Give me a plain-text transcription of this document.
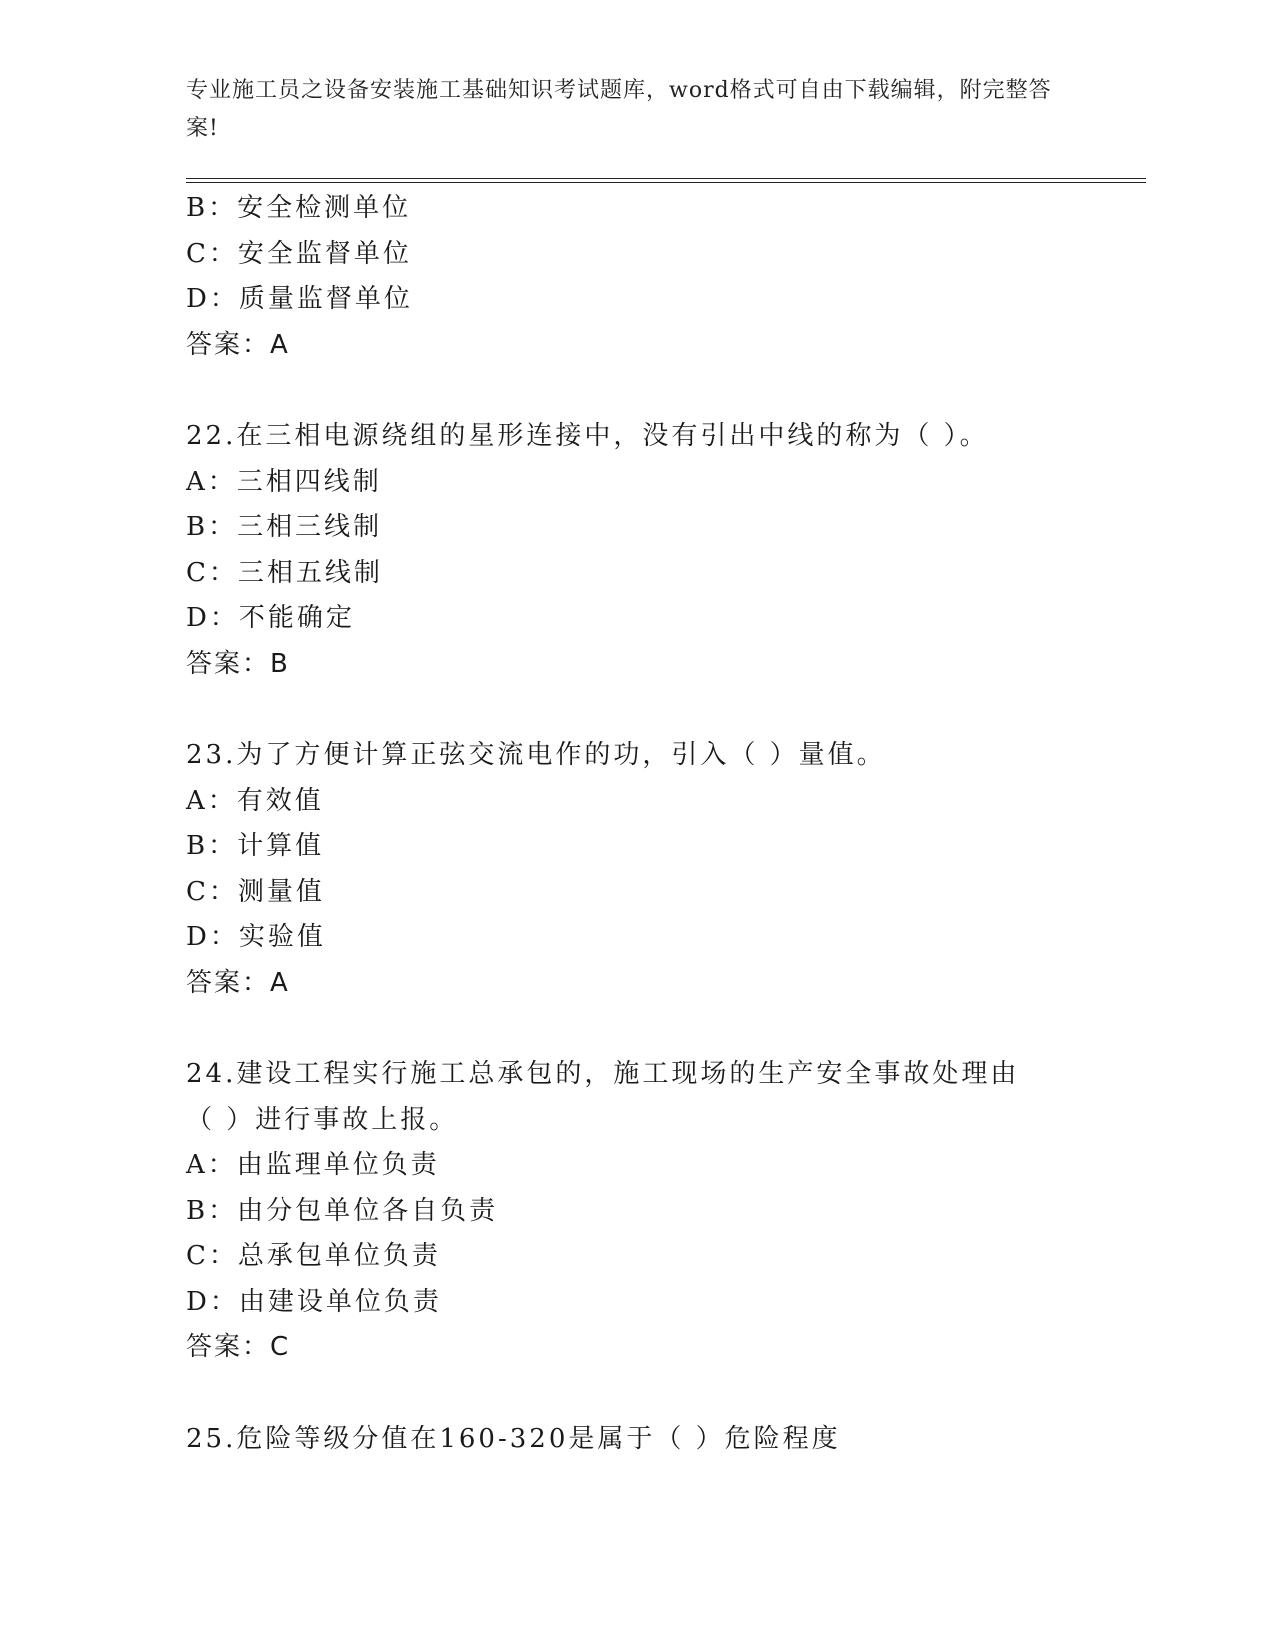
专业施工员之设备安装施工基础知识考试题库，word格式可自由下载编辑，附完整答案!
B：安全检测单位
C：安全监督单位
D：质量监督单位
答案：A
22.在三相电源绕组的星形连接中，没有引出中线的称为（ ）。
A：三相四线制
B：三相三线制
C：三相五线制
D：不能确定
答案：B
23.为了方便计算正弦交流电作的功，引入（ ）量值。
A：有效值
B：计算值
C：测量值
D：实验值
答案：A
24.建设工程实行施工总承包的，施工现场的生产安全事故处理由（ ）进行事故上报。
A：由监理单位负责
B：由分包单位各自负责
C：总承包单位负责
D：由建设单位负责
答案：C
25.危险等级分值在160-320是属于（ ）危险程度
